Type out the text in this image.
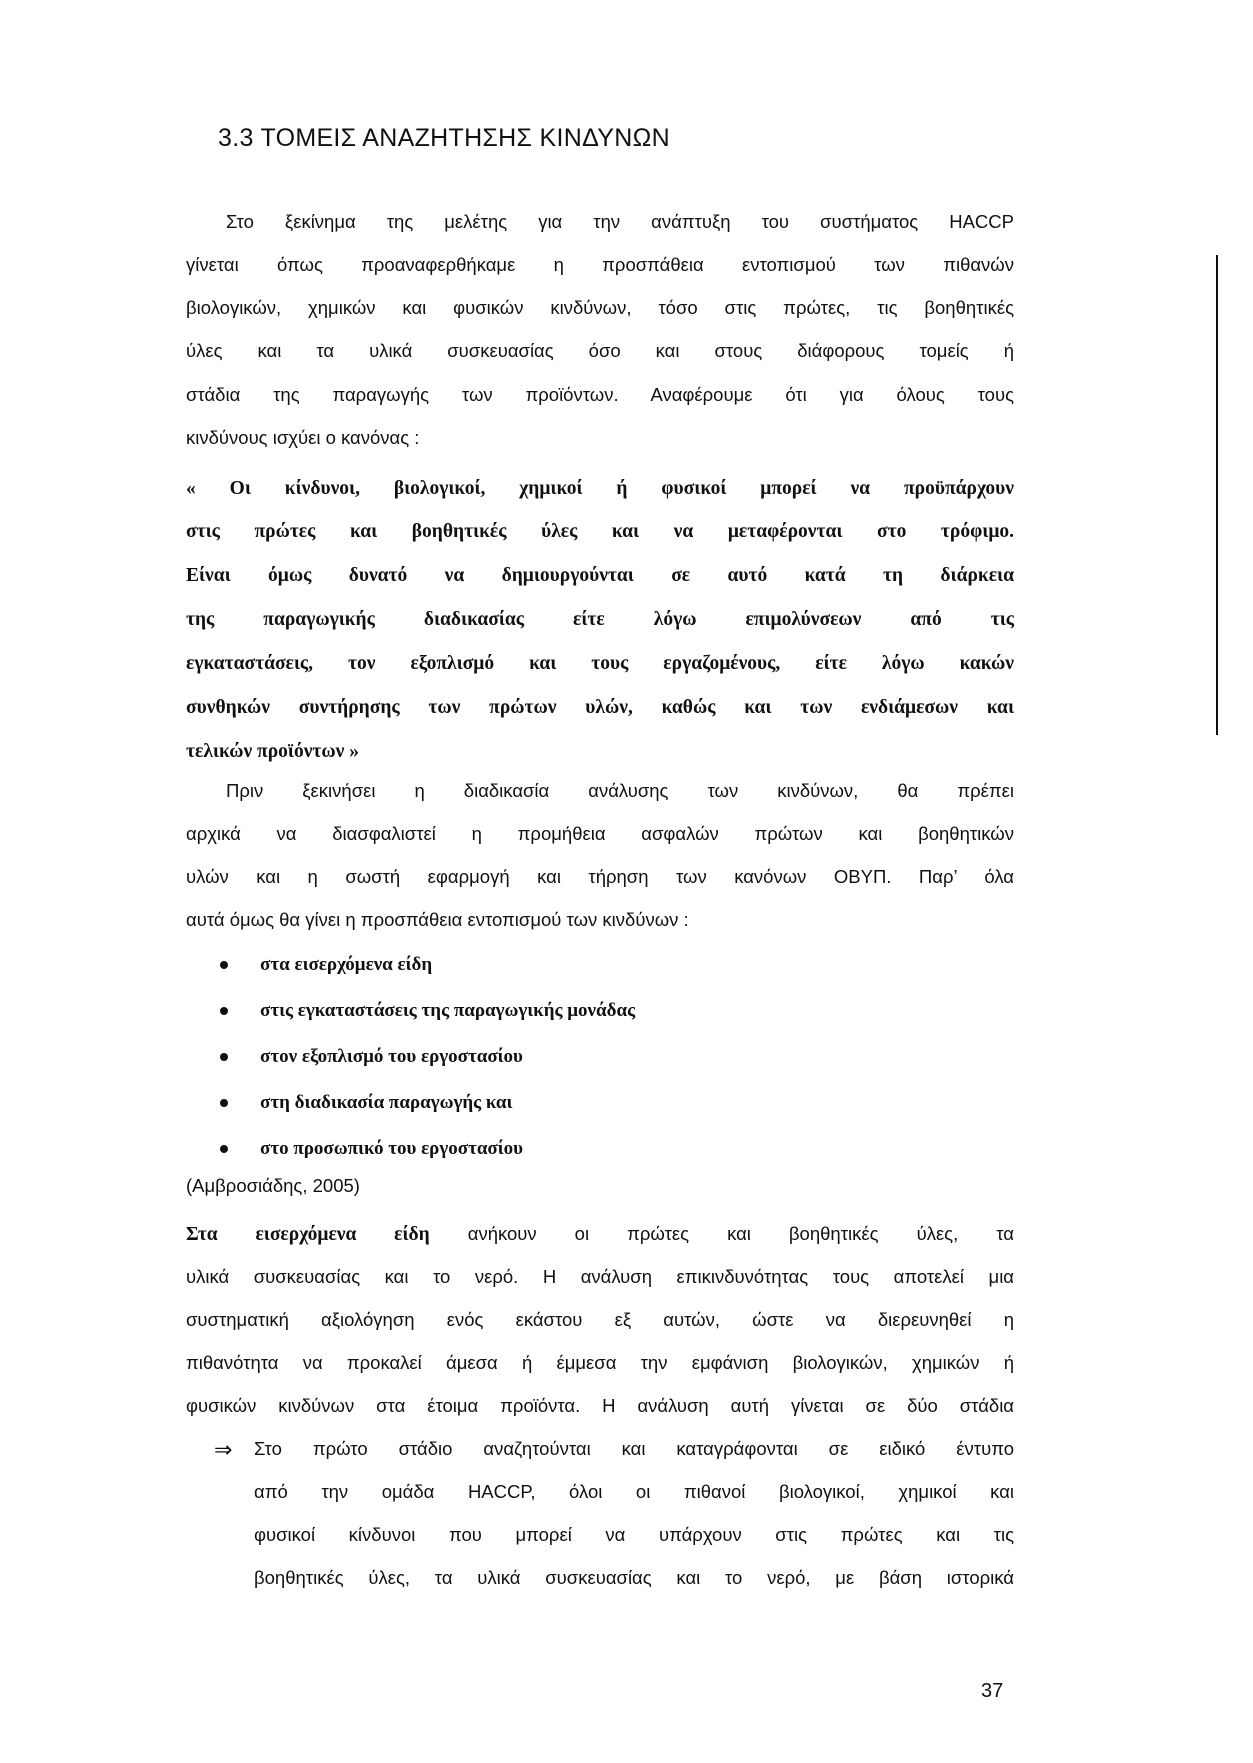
3.3 ΤΟΜΕΙΣ ΑΝΑΖΗΤΗΣΗΣ ΚΙΝΔΥΝΩΝ
Στο ξεκίνημα της μελέτης για την ανάπτυξη του συστήματος HACCP
γίνεται όπως προαναφερθήκαμε η προσπάθεια εντοπισμού των πιθανών
βιολογικών, χημικών και φυσικών κινδύνων, τόσο στις πρώτες, τις βοηθητικές
ύλες και τα υλικά συσκευασίας όσο και στους διάφορους τομείς ή
στάδια της παραγωγής των προϊόντων. Αναφέρουμε ότι για όλους τους
κινδύνους ισχύει ο κανόνας :
« Οι κίνδυνοι, βιολογικοί, χημικοί ή φυσικοί μπορεί να προϋπάρχουν
στις πρώτες και βοηθητικές ύλες και να μεταφέρονται στο τρόφιμο.
Είναι όμως δυνατό να δημιουργούνται σε αυτό κατά τη διάρκεια
της παραγωγικής διαδικασίας είτε λόγω επιμολύνσεων από τις
εγκαταστάσεις, τον εξοπλισμό και τους εργαζομένους, είτε λόγω κακών
συνθηκών συντήρησης των πρώτων υλών, καθώς και των ενδιάμεσων και
τελικών προϊόντων »
Πριν ξεκινήσει η διαδικασία ανάλυσης των κινδύνων, θα πρέπει
αρχικά να διασφαλιστεί η προμήθεια ασφαλών πρώτων και βοηθητικών
υλών και η σωστή εφαρμογή και τήρηση των κανόνων ΟΒΥΠ. Παρ’ όλα
αυτά όμως θα γίνει η προσπάθεια εντοπισμού των κινδύνων :
στα εισερχόμενα είδη
στις εγκαταστάσεις της παραγωγικής μονάδας
στον εξοπλισμό του εργοστασίου
στη διαδικασία παραγωγής και
στο προσωπικό του εργοστασίου
(Αμβροσιάδης, 2005)
Στα εισερχόμενα είδη ανήκουν οι πρώτες και βοηθητικές ύλες, τα
υλικά συσκευασίας και το νερό. Η ανάλυση επικινδυνότητας τους αποτελεί μια
συστηματική αξιολόγηση ενός εκάστου εξ αυτών, ώστε να διερευνηθεί η
πιθανότητα να προκαλεί άμεσα ή έμμεσα την εμφάνιση βιολογικών, χημικών ή
φυσικών κινδύνων στα έτοιμα προϊόντα. Η ανάλυση αυτή γίνεται σε δύο στάδια
⇒ Στο πρώτο στάδιο αναζητούνται και καταγράφονται σε ειδικό έντυπο
από την ομάδα HACCP, όλοι οι πιθανοί βιολογικοί, χημικοί και
φυσικοί κίνδυνοι που μπορεί να υπάρχουν στις πρώτες και τις
βοηθητικές ύλες, τα υλικά συσκευασίας και το νερό, με βάση ιστορικά
37
